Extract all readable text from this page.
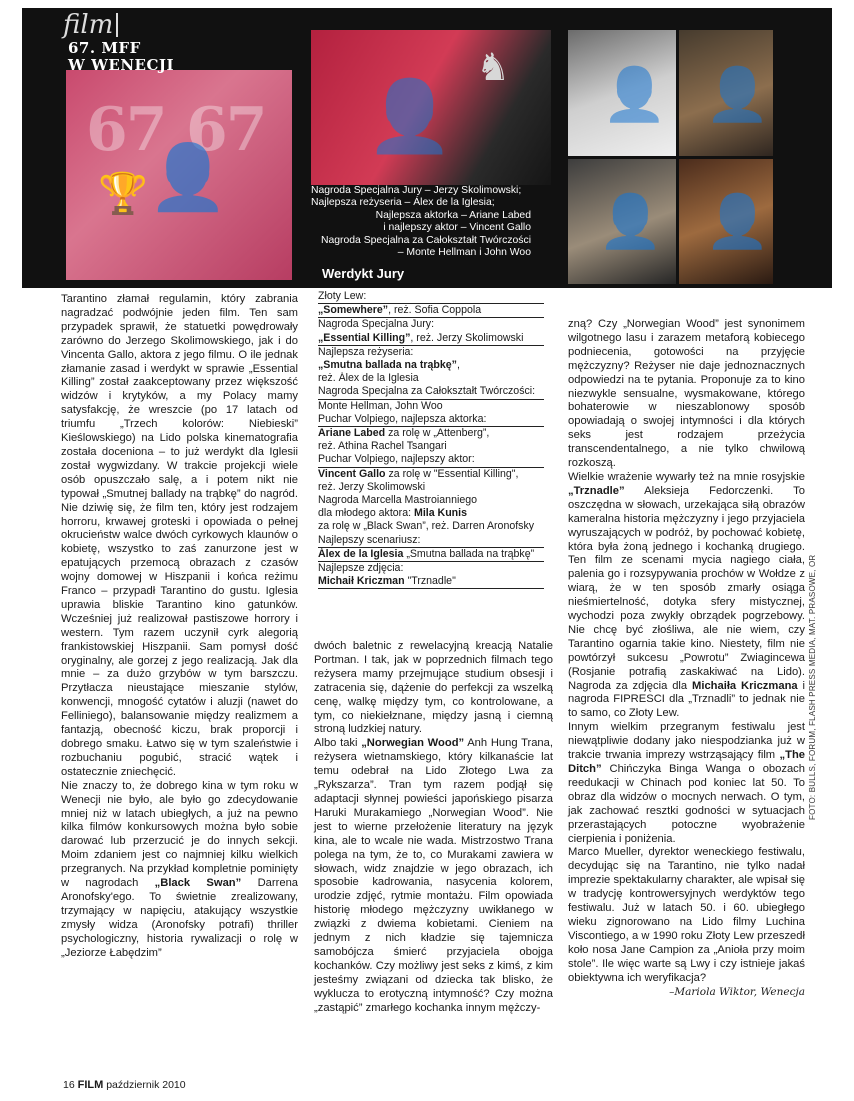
67 67
🏆 👤
👤
♞ 👤 👤
👤 👤
film
67. MFF
W WENECJI
Nagroda Specjalna Jury – Jerzy Skolimowski;
Najlepsza reżyseria – Álex de la Iglesia;
Najlepsza aktorka – Ariane Labed
i najlepszy aktor – Vincent Gallo
Nagroda Specjalna za Całokształt Twórczości
– Monte Hellman i John Woo
Werdykt Jury
Złoty Lew:
„Somewhere”, reż. Sofia Coppola
Nagroda Specjalna Jury:
„Essential Killing”, reż. Jerzy Skolimowski
Najlepsza reżyseria:
„Smutna ballada na trąbkę”,
reż. Álex de la Iglesia
Nagroda Specjalna za Całokształt Twórczości:
Monte Hellman, John Woo
Puchar Volpiego, najlepsza aktorka:
Ariane Labed za rolę w „Attenberg”,
reż. Athina Rachel Tsangari
Puchar Volpiego, najlepszy aktor:
Vincent Gallo za rolę w "Essential Killing",
reż. Jerzy Skolimowski
Nagroda Marcella Mastroianniego
dla młodego aktora: Mila Kunis
za rolę w „Black Swan”, reż. Darren Aronofsky
Najlepszy scenariusz:
Álex de la Iglesia „Smutna ballada na trąbkę”
Najlepsze zdjęcia:
Michaił Kriczman "Trznadle"

Tarantino złamał regulamin, który zabrania nagradzać podwójnie jeden film. Ten sam przypadek sprawił, że statuetki powędrowały zarówno do Jerzego Skolimowskiego, jak i do Vincenta Gallo, aktora z jego filmu. O ile jednak złamanie zasad i werdykt w sprawie „Essential Killing” został zaakceptowany przez większość widzów i krytyków, a my Polacy mamy satysfakcję, że wreszcie (po 17 latach od triumfu „Trzech kolorów: Niebieski” Kieślowskiego) na Lido polska kinematografia została doceniona – to już werdykt dla Iglesii został wygwizdany. W trakcie projekcji wiele osób opuszczało salę, a i potem nikt nie typował „Smutnej ballady na trąbkę” do nagród. Nie dziwię się, że film ten, który jest rodzajem horroru, krwawej groteski i opowiada o pełnej okrucieństw walce dwóch cyrkowych klaunów o kobietę, wszystko to zaś zanurzone jest w epatujących przemocą obrazach z czasów wojny domowej w Hiszpanii i końca reżimu Franco – przypadł Tarantino do gustu. Iglesia uprawia bliskie Tarantino kino gatunków. Wcześniej już realizował pastiszowe horrory i western. Tym razem uczynił cyrk alegorią frankistowskiej Hiszpanii. Sam pomysł dość oryginalny, ale gorzej z jego realizacją. Jak dla mnie – za dużo grzybów w tym barszczu. Przytłacza nieustające mieszanie stylów, konwencji, mnogość cytatów i aluzji (nawet do Felliniego), balansowanie między realizmem a fantazją, obecność kiczu, brak proporcji i dobrego smaku. Łatwo się w tym szaleństwie i rozbuchaniu pogubić, stracić wątek i ostatecznie zniechęcić.

Nie znaczy to, że dobrego kina w tym roku w Wenecji nie było, ale było go zdecydowanie mniej niż w latach ubiegłych, a już na pewno kilka filmów konkursowych można było sobie darować lub przerzucić je do innych sekcji. Moim zdaniem jest co najmniej kilku wielkich przegranych. Na przykład kompletnie pominięty w nagrodach „Black Swan” Darrena Aronofsky'ego. To świetnie zrealizowany, trzymający w napięciu, atakujący wszystkie zmysły widza (Aronofsky potrafi) thriller psychologiczny, historia rywalizacji o rolę w „Jeziorze Łabędzim”

dwóch baletnic z rewelacyjną kreacją Natalie Portman. I tak, jak w poprzednich filmach tego reżysera mamy przejmujące studium obsesji i zatracenia się, dążenie do perfekcji za wszelką cenę, walkę między tym, co kontrolowane, a tym, co niekiełznane, między jasną i ciemną stroną ludzkiej natury.

Albo taki „Norwegian Wood” Anh Hung Trana, reżysera wietnamskiego, który kilkanaście lat temu odebrał na Lido Złotego Lwa za „Rykszarza”. Tran tym razem podjął się adaptacji słynnej powieści japońskiego pisarza Haruki Murakamiego „Norwegian Wood”. Nie jest to wierne przełożenie literatury na język kina, ale to wcale nie wada. Mistrzostwo Trana polega na tym, że to, co Murakami zawiera w słowach, widz znajdzie w jego obrazach, ich sposobie kadrowania, nasycenia kolorem, urodzie zdjęć, rytmie montażu. Film opowiada historię młodego mężczyzny uwikłanego w związki z dwiema kobietami. Cieniem na jednym z nich kładzie się tajemnicza samobójcza śmierć przyjaciela obojga kochanków. Czy możliwy jest seks z kimś, z kim jesteśmy związani od dziecka tak blisko, że wyklucza to erotyczną intymność? Czy można „zastąpić” zmarłego kochanka innym mężczy-

zną? Czy „Norwegian Wood” jest synonimem wilgotnego lasu i zarazem metaforą kobiecego podniecenia, gotowości na przyjęcie mężczyzny? Reżyser nie daje jednoznacznych odpowiedzi na te pytania. Proponuje za to kino niezwykle sensualne, wysmakowane, którego bohaterowie w nieszablonowy sposób opowiadają o swojej intymności i dla których seks jest rodzajem przeżycia transcendentalnego, a nie tylko chwilową rozkoszą.

Wielkie wrażenie wywarły też na mnie rosyjskie „Trznadle” Aleksieja Fedorczenki. To oszczędna w słowach, urzekająca siłą obrazów kameralna historia mężczyzny i jego przyjaciela wyruszających w podróż, by pochować kobietę, która była żoną jednego i kochanką drugiego. Ten film ze scenami mycia nagiego ciała, palenia go i rozsypywania prochów w Wołdze z wiarą, że w ten sposób zmarły osiąga nieśmiertelność, dotyka sfery mistycznej, wychodzi poza zwykły obrządek pogrzebowy. Nie chcę być złośliwa, ale nie wiem, czy Tarantino ogarnia takie kino. Niestety, film nie powtórzył sukcesu „Powrotu” Zwiagincewa (Rosjanie potrafią zaskakiwać na Lido). Nagroda za zdjęcia dla Michaiła Kriczmana i nagroda FIPRESCI dla „Trznadli” to jednak nie to samo, co Złoty Lew.

Innym wielkim przegranym festiwalu jest niewątpliwie dodany jako niespodzianka już w trakcie trwania imprezy wstrząsający film „The Ditch” Chińczyka Binga Wanga o obozach reedukacji w Chinach pod koniec lat 50. To obraz dla widzów o mocnych nerwach. O tym, jak zachować resztki godności w sytuacjach przerastających potoczne wyobrażenie cierpienia i poniżenia.

Marco Mueller, dyrektor weneckiego festiwalu, decydując się na Tarantino, nie tylko nadał imprezie spektakularny charakter, ale wpisał się w tradycję kontrowersyjnych werdyktów tego festiwalu. Już w latach 50. i 60. ubiegłego wieku zignorowano na Lido filmy Luchina Viscontiego, a w 1990 roku Złoty Lew przeszedł koło nosa Jane Campion za „Anioła przy moim stole”. Ile więc warte są Lwy i czy istnieje jakaś obiektywna ich weryfikacja?

–Mariola Wiktor, Wenecja
FOTO: BULLS, FORUM, FLASH PRESS MEDIA, MAT. PRASOWE, OR
16 FILM październik 2010
